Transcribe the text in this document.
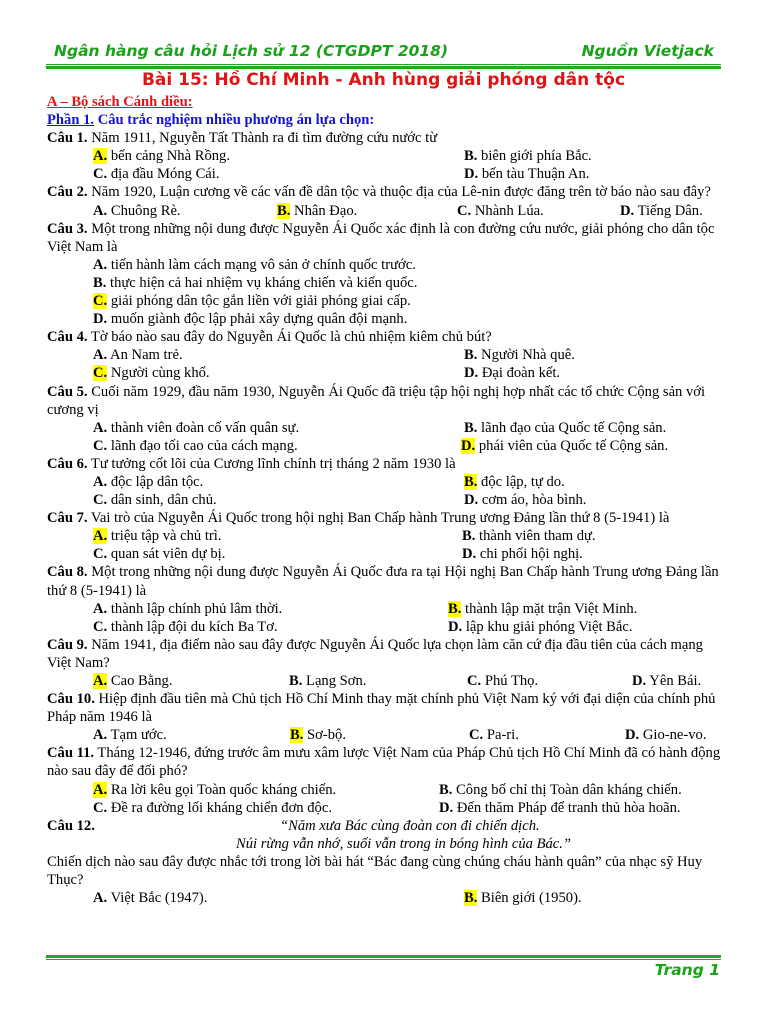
Ngân hàng câu hỏi Lịch sử 12 (CTGDPT 2018)	Nguồn Vietjack
Bài 15: Hồ Chí Minh - Anh hùng giải phóng dân tộc
A – Bộ sách Cánh diều:
Phần 1. Câu trắc nghiệm nhiều phương án lựa chọn:
Câu 1. Năm 1911, Nguyễn Tất Thành ra đi tìm đường cứu nước từ
A. bến cảng Nhà Rồng.	B. biên giới phía Bắc.
C. địa đầu Móng Cái.	D. bến tàu Thuận An.
Câu 2. Năm 1920, Luận cương về các vấn đề dân tộc và thuộc địa của Lê-nin được đăng trên tờ báo nào sau đây?
A. Chuông Rè.	B. Nhân Đạo.	C. Nhành Lúa.	D. Tiếng Dân.
Câu 3. Một trong những nội dung được Nguyễn Ái Quốc xác định là con đường cứu nước, giải phóng cho dân tộc Việt Nam là
A. tiến hành làm cách mạng vô sản ở chính quốc trước.
B. thực hiện cả hai nhiệm vụ kháng chiến và kiến quốc.
C. giải phóng dân tộc gắn liền với giải phóng giai cấp.
D. muốn giành độc lập phải xây dựng quân đội mạnh.
Câu 4. Tờ báo nào sau đây do Nguyễn Ái Quốc là chủ nhiệm kiêm chủ bút?
A. An Nam trẻ.	B. Người Nhà quê.
C. Người cùng khổ.	D. Đại đoàn kết.
Câu 5. Cuối năm 1929, đầu năm 1930, Nguyễn Ái Quốc đã triệu tập hội nghị hợp nhất các tổ chức Cộng sản với cương vị
A. thành viên đoàn cố vấn quân sự.	B. lãnh đạo của Quốc tế Cộng sản.
C. lãnh đạo tối cao của cách mạng.	D. phái viên của Quốc tế Cộng sản.
Câu 6. Tư tưởng cốt lõi của Cương lĩnh chính trị tháng 2 năm 1930 là
A. độc lập dân tộc.	B. độc lập, tự do.
C. dân sinh, dân chủ.	D. cơm áo, hòa bình.
Câu 7. Vai trò của Nguyễn Ái Quốc trong hội nghị Ban Chấp hành Trung ương Đảng lần thứ 8 (5-1941) là
A. triệu tập và chủ trì.	B. thành viên tham dự.
C. quan sát viên dự bị.	D. chi phối hội nghị.
Câu 8. Một trong những nội dung được Nguyễn Ái Quốc đưa ra tại Hội nghị Ban Chấp hành Trung ương Đảng lần thứ 8 (5-1941) là
A. thành lập chính phủ lâm thời.	B. thành lập mặt trận Việt Minh.
C. thành lập đội du kích Ba Tơ.	D. lập khu giải phóng Việt Bắc.
Câu 9. Năm 1941, địa điểm nào sau đây được Nguyễn Ái Quốc lựa chọn làm căn cứ địa đầu tiên của cách mạng Việt Nam?
A. Cao Bằng.	B. Lạng Sơn.	C. Phú Thọ.	D. Yên Bái.
Câu 10. Hiệp định đầu tiên mà Chủ tịch Hồ Chí Minh thay mặt chính phủ Việt Nam ký với đại diện của chính phủ Pháp năm 1946 là
A. Tạm ước.	B. Sơ-bộ.	C. Pa-ri.	D. Gio-ne-vo.
Câu 11. Tháng 12-1946, đứng trước âm mưu xâm lược Việt Nam của Pháp Chủ tịch Hồ Chí Minh đã có hành động nào sau đây để đối phó?
A. Ra lời kêu gọi Toàn quốc kháng chiến.	B. Công bố chỉ thị Toàn dân kháng chiến.
C. Đề ra đường lối kháng chiến đơn độc.	D. Đến thăm Pháp để tranh thủ hòa hoãn.
Câu 12.	“Năm xưa Bác cùng đoàn con đi chiến dịch.
Núi rừng vẫn nhớ, suối vẫn trong in bóng hình của Bác.”
Chiến dịch nào sau đây được nhắc tới trong lời bài hát “Bác đang cùng chúng cháu hành quân” của nhạc sỹ Huy Thục?
A. Việt Bắc (1947).	B. Biên giới (1950).
Trang 1
